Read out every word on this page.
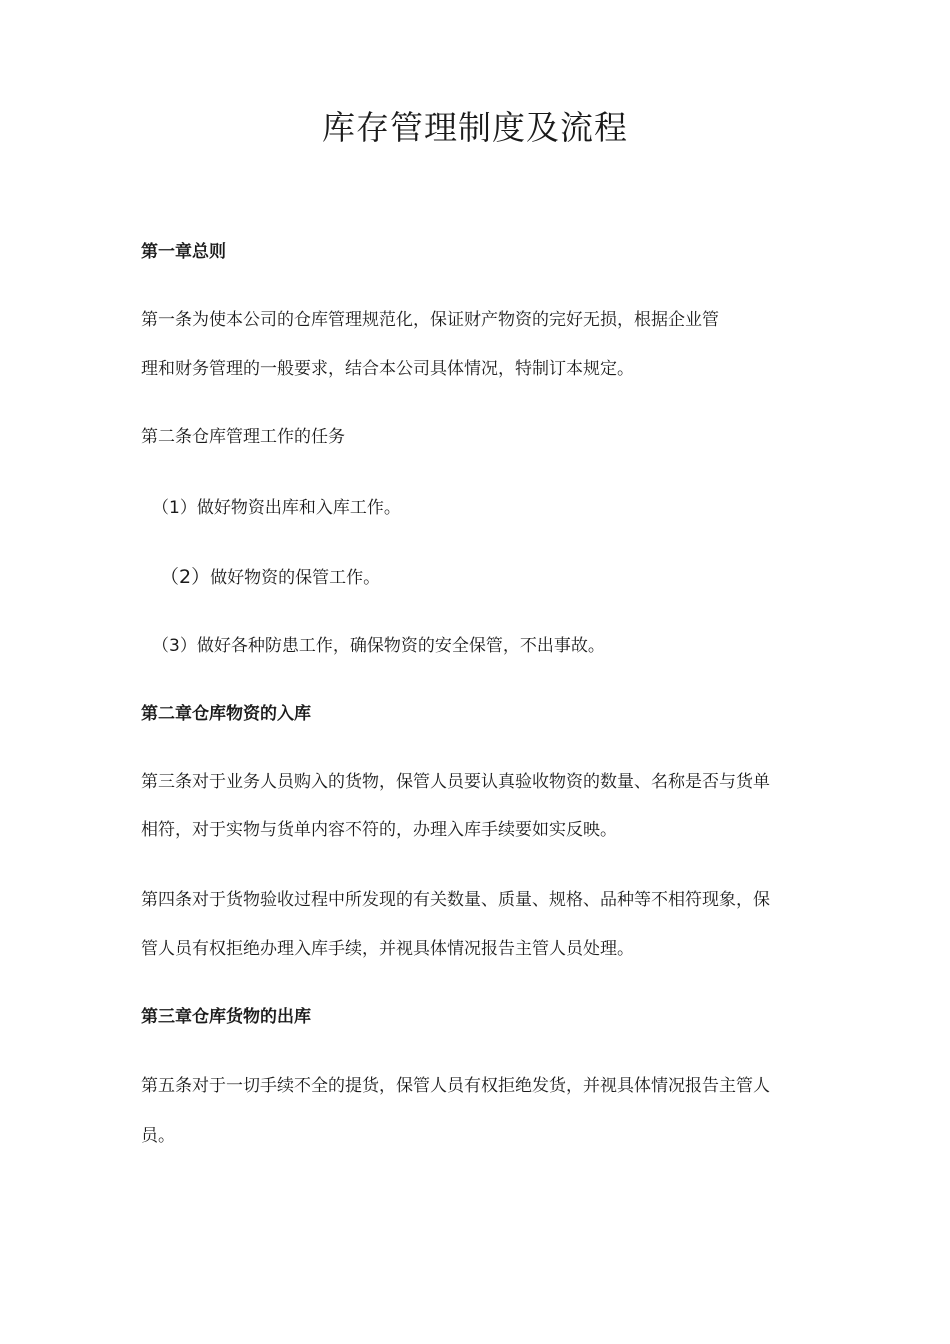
库存管理制度及流程

第一章总则

第一条为使本公司的仓库管理规范化，保证财产物资的完好无损，根据企业管

理和财务管理的一般要求，结合本公司具体情况，特制订本规定。

第二条仓库管理工作的任务

（1）做好物资出库和入库工作。

（2）做好物资的保管工作。

（3）做好各种防患工作，确保物资的安全保管，不出事故。

第二章仓库物资的入库

第三条对于业务人员购入的货物，保管人员要认真验收物资的数量、名称是否与货单

相符，对于实物与货单内容不符的，办理入库手续要如实反映。

第四条对于货物验收过程中所发现的有关数量、质量、规格、品种等不相符现象，保

管人员有权拒绝办理入库手续，并视具体情况报告主管人员处理。

第三章仓库货物的出库

第五条对于一切手续不全的提货，保管人员有权拒绝发货，并视具体情况报告主管人

员。
